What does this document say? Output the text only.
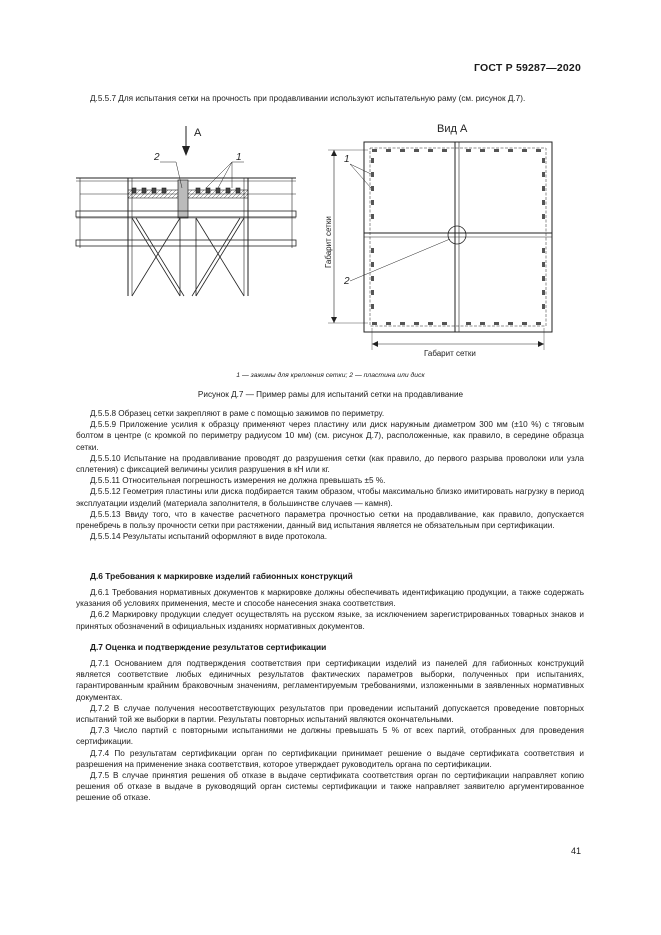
ГОСТ Р 59287—2020

Д.5.5.7 Для испытания сетки на прочность при продавливании используют испытательную раму (см. рисунок Д.7).

А
2	1
Вид А
Габарит сетки
Габарит сетки
1
2
1 — зажимы для крепления сетки; 2 — пластина или диск
Рисунок Д.7 — Пример рамы для испытаний сетки на продавливание

Д.5.5.8 Образец сетки закрепляют в раме с помощью зажимов по периметру.

Д.5.5.9 Приложение усилия к образцу применяют через пластину или диск наружным диаметром 300 мм (±10 %) с тяговым болтом в центре (с кромкой по периметру радиусом 10 мм) (см. рисунок Д.7), расположенные, как правило, в середине образца сетки.

Д.5.5.10 Испытание на продавливание проводят до разрушения сетки (как правило, до первого разрыва проволоки или узла сплетения) с фиксацией величины усилия разрушения в кН или кг.

Д.5.5.11 Относительная погрешность измерения не должна превышать ±5 %.

Д.5.5.12 Геометрия пластины или диска подбирается таким образом, чтобы максимально близко имитировать нагрузку в период эксплуатации изделий (материала заполнителя, в большинстве случаев — камня).

Д.5.5.13 Ввиду того, что в качестве расчетного параметра прочностью сетки на продавливание, как правило, допускается пренебречь в пользу прочности сетки при растяжении, данный вид испытания является не обязательным при сертификации.

Д.5.5.14 Результаты испытаний оформляют в виде протокола.

Д.6 Требования к маркировке изделий габионных конструкций

Д.6.1 Требования нормативных документов к маркировке должны обеспечивать идентификацию продукции, а также содержать указания об условиях применения, месте и способе нанесения знака соответствия.

Д.6.2 Маркировку продукции следует осуществлять на русском языке, за исключением зарегистрированных товарных знаков и принятых обозначений в официальных изданиях нормативных документов.

Д.7 Оценка и подтверждение результатов сертификации

Д.7.1 Основанием для подтверждения соответствия при сертификации изделий из панелей для габионных конструкций является соответствие любых единичных результатов фактических параметров выборки, полученных при испытаниях, гарантированным крайним браковочным значениям, регламентируемым требованиями, изложенными в заявленных нормативных документах.

Д.7.2 В случае получения несоответствующих результатов при проведении испытаний допускается проведение повторных испытаний той же выборки в партии. Результаты повторных испытаний являются окончательными.

Д.7.3 Число партий с повторными испытаниями не должны превышать 5 % от всех партий, отобранных для проведения сертификации.

Д.7.4 По результатам сертификации орган по сертификации принимает решение о выдаче сертификата соответствия и разрешения на применение знака соответствия, которое утверждает руководитель органа по сертификации.

Д.7.5 В случае принятия решения об отказе в выдаче сертификата соответствия орган по сертификации направляет копию решения об отказе в выдаче в руководящий орган системы сертификации и также направляет заявителю аргументированное решение об отказе.

41
